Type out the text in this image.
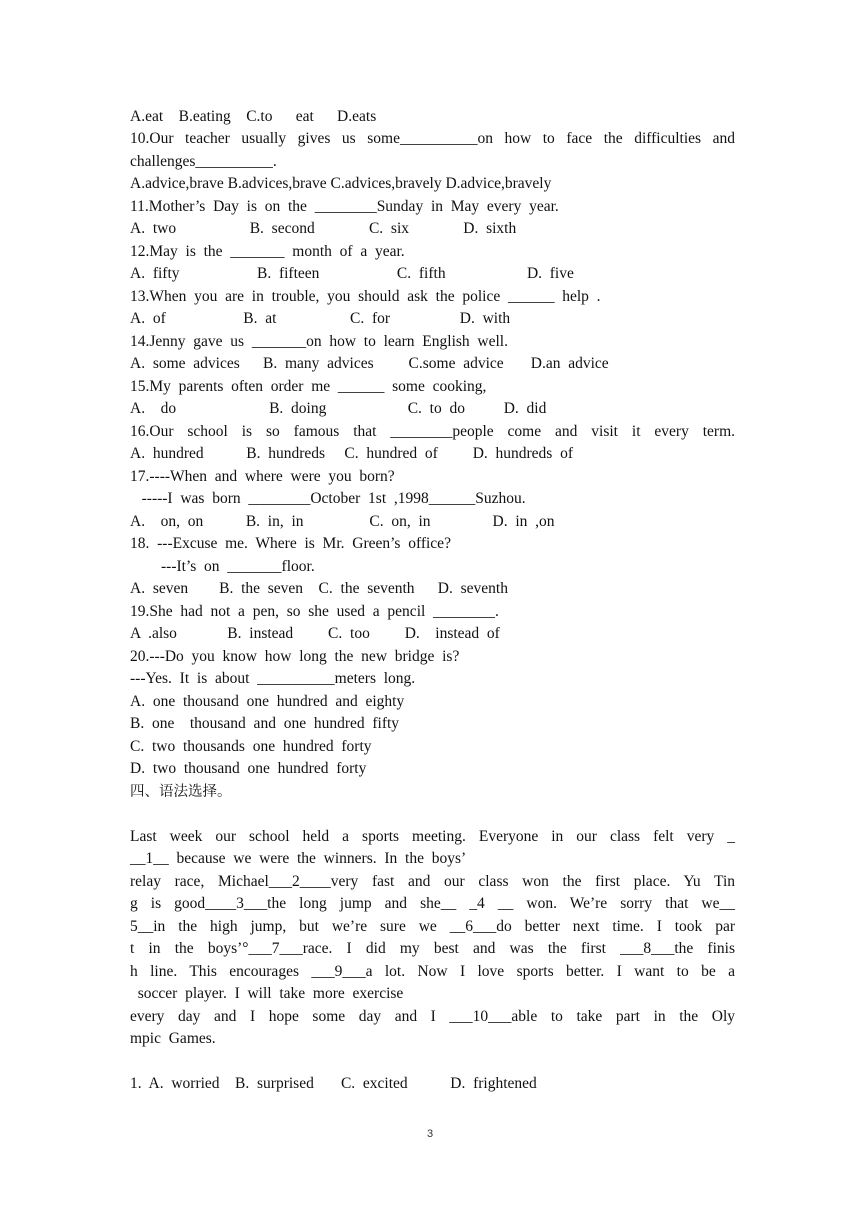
A.eat    B.eating    C.to      eat      D.eats
10.Our teacher usually gives us some__________on how to face the difficulties and
challenges__________.
A.advice,brave B.advices,brave C.advices,bravely D.advice,bravely
11.Mother’s  Day  is  on  the  ________Sunday  in  May  every  year.
A.  two                   B.  second              C.  six              D.  sixth
12.May  is  the  _______  month  of  a  year.
A.  fifty                    B.  fifteen                    C.  fifth                     D.  five
13.When  you  are  in  trouble,  you  should  ask  the  police  ______  help  .
A.  of                    B.  at                   C.  for                  D.  with
14.Jenny  gave  us  _______on  how  to  learn  English  well.
A.  some  advices      B.  many  advices         C.some  advice       D.an  advice
15.My  parents  often  order  me  ______  some  cooking,
A.    do                        B.  doing                     C.  to  do          D.  did
16.Our school is so famous that ________people come and visit it every term.
A.  hundred           B.  hundreds     C.  hundred  of         D.  hundreds  of
17.----When  and  where  were  you  born?
-----I  was  born  ________October  1st  ,1998______Suzhou.
A.    on,  on           B.  in,  in                 C.  on,  in                D.  in  ,on
18.  ---Excuse  me.  Where  is  Mr.  Green’s  office?
---It’s  on  _______floor.
A.  seven        B.  the  seven    C.  the  seventh      D.  seventh
19.She  had  not  a  pen,  so  she  used  a  pencil  ________.
A  .also             B.  instead         C.  too         D.    instead  of
20.---Do  you  know  how  long  the  new  bridge  is?
---Yes.  It  is  about  __________meters  long.
A.  one  thousand  one  hundred  and  eighty
B.  one    thousand  and  one  hundred  fifty
C.  two  thousands  one  hundred  forty
D.  two  thousand  one  hundred  forty
四、语法选择。
Last week our school held a sports meeting. Everyone in our class felt very _
__1__  because  we  were  the  winners.  In  the  boys’
relay race, Michael___2____very fast and our class won the first place. Yu Tin
g is good____3___the long jump and she__ _4 __ won. We’re sorry that we__
5__in the high jump, but we’re sure we __6___do better next time. I took par
t in the boys’°___7___race. I did my best and was the first ___8___the finis
h line. This encourages ___9___a lot. Now I love sports better. I want to be a
soccer  player.  I  will  take  more  exercise
every day and I hope some day and I ___10___able to take part in the Oly
mpic  Games.
1.  A.  worried    B.  surprised       C.  excited           D.  frightened
3
